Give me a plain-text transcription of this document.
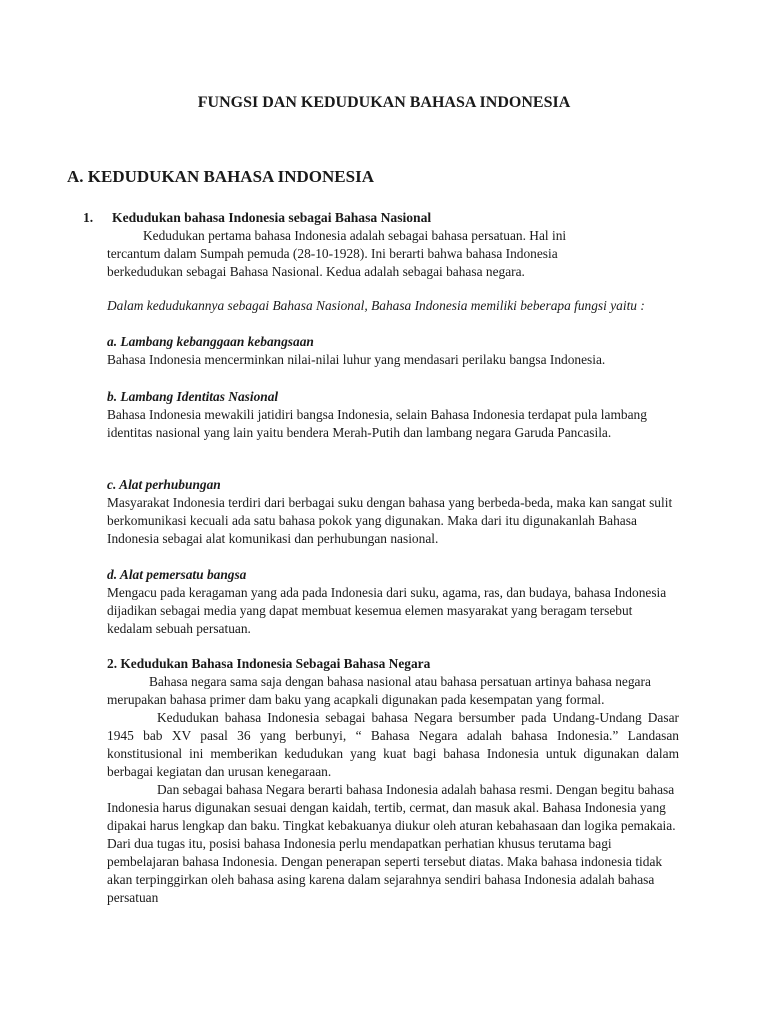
FUNGSI DAN KEDUDUKAN BAHASA INDONESIA
A. KEDUDUKAN BAHASA INDONESIA
1. Kedudukan bahasa Indonesia sebagai Bahasa Nasional

Kedudukan pertama bahasa Indonesia adalah sebagai bahasa persatuan. Hal ini tercantum dalam Sumpah pemuda (28-10-1928). Ini berarti bahwa bahasa Indonesia berkedudukan sebagai Bahasa Nasional. Kedua adalah sebagai bahasa negara.

Dalam kedudukannya sebagai Bahasa Nasional, Bahasa Indonesia memiliki beberapa fungsi yaitu :

a. Lambang kebanggaan kebangsaan

Bahasa Indonesia mencerminkan nilai-nilai luhur yang mendasari perilaku bangsa Indonesia.

b. Lambang Identitas Nasional

Bahasa Indonesia mewakili jatidiri bangsa Indonesia, selain Bahasa Indonesia terdapat pula lambang identitas nasional yang lain yaitu bendera Merah-Putih dan lambang negara Garuda Pancasila.

c. Alat perhubungan

Masyarakat Indonesia terdiri dari berbagai suku dengan bahasa yang berbeda-beda, maka kan sangat sulit berkomunikasi kecuali ada satu bahasa pokok yang digunakan. Maka dari itu digunakanlah Bahasa Indonesia sebagai alat komunikasi dan perhubungan nasional.

d. Alat pemersatu bangsa

Mengacu pada keragaman yang ada pada Indonesia dari suku, agama, ras, dan budaya, bahasa Indonesia dijadikan sebagai media yang dapat membuat kesemua elemen masyarakat yang beragam tersebut kedalam sebuah persatuan.

2. Kedudukan Bahasa Indonesia Sebagai Bahasa Negara

Bahasa negara sama saja dengan bahasa nasional atau bahasa persatuan artinya bahasa negara merupakan bahasa primer dam baku yang acapkali digunakan pada kesempatan yang formal.

Kedudukan bahasa Indonesia sebagai bahasa Negara bersumber pada Undang-Undang Dasar 1945 bab XV pasal 36 yang berbunyi, “ Bahasa Negara adalah bahasa Indonesia.” Landasan konstitusional ini memberikan kedudukan yang kuat bagi bahasa Indonesia untuk digunakan dalam berbagai kegiatan dan urusan kenegaraan.

Dan sebagai bahasa Negara berarti bahasa Indonesia adalah bahasa resmi. Dengan begitu bahasa Indonesia harus digunakan sesuai dengan kaidah, tertib, cermat, dan masuk akal. Bahasa Indonesia yang dipakai harus lengkap dan baku. Tingkat kebakuanya diukur oleh aturan kebahasaan dan logika pemakaia. Dari dua tugas itu, posisi bahasa Indonesia perlu mendapatkan perhatian khusus terutama bagi pembelajaran bahasa Indonesia. Dengan penerapan seperti tersebut diatas. Maka bahasa indonesia tidak akan terpinggirkan oleh bahasa asing karena dalam sejarahnya sendiri bahasa Indonesia adalah bahasa persatuan
